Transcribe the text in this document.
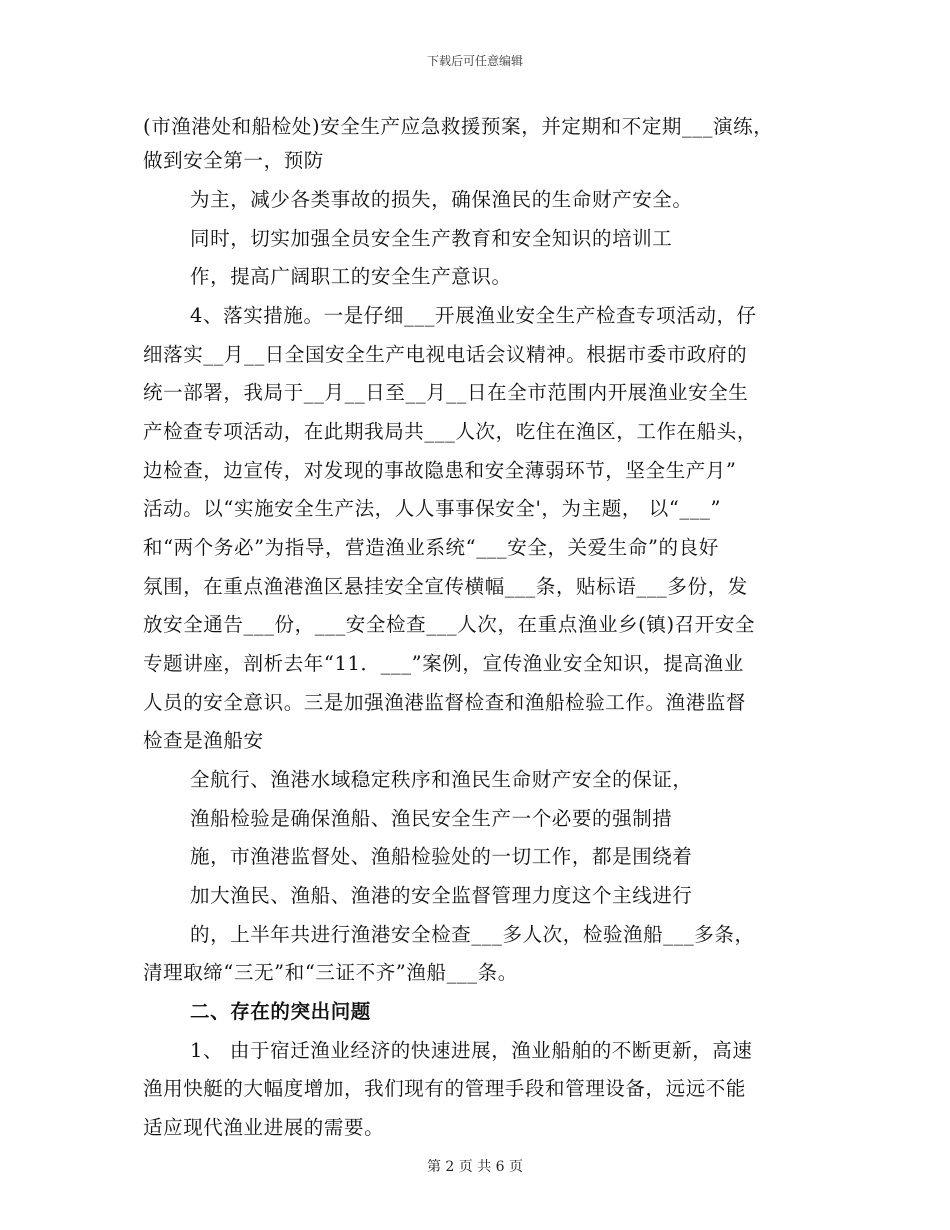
下载后可任意编辑
(市渔港处和船检处)安全生产应急救援预案，并定期和不定期___演练，
做到安全第一，预防
为主，减少各类事故的损失，确保渔民的生命财产安全。
同时，切实加强全员安全生产教育和安全知识的培训工
作，提高广阔职工的安全生产意识。
4、落实措施。一是仔细___开展渔业安全生产检查专项活动，仔
细落实__月__日全国安全生产电视电话会议精神。根据市委市政府的
统一部署，我局于__月__日至__月__日在全市范围内开展渔业安全生
产检查专项活动，在此期我局共___人次，吃住在渔区，工作在船头，
边检查，边宣传，对发现的事故隐患和安全薄弱环节，坚全生产月”
活动。以“实施安全生产法，人人事事保安全'，为主题， 以“___”
和“两个务必”为指导，营造渔业系统“___安全，关爱生命”的良好
氛围，在重点渔港渔区悬挂安全宣传横幅___条，贴标语___多份，发
放安全通告___份，___安全检查___人次，在重点渔业乡(镇)召开安全
专题讲座，剖析去年“11．___”案例，宣传渔业安全知识，提高渔业
人员的安全意识。三是加强渔港监督检查和渔船检验工作。渔港监督
检查是渔船安
全航行、渔港水域稳定秩序和渔民生命财产安全的保证，
渔船检验是确保渔船、渔民安全生产一个必要的强制措
施，市渔港监督处、渔船检验处的一切工作，都是围绕着
加大渔民、渔船、渔港的安全监督管理力度这个主线进行
的，上半年共进行渔港安全检查___多人次，检验渔船___多条，
清理取缔“三无”和“三证不齐”渔船___条。
二、存在的突出问题
1、 由于宿迁渔业经济的快速进展，渔业船舶的不断更新，高速
渔用快艇的大幅度增加，我们现有的管理手段和管理设备，远远不能
适应现代渔业进展的需要。
第 2 页 共 6 页
